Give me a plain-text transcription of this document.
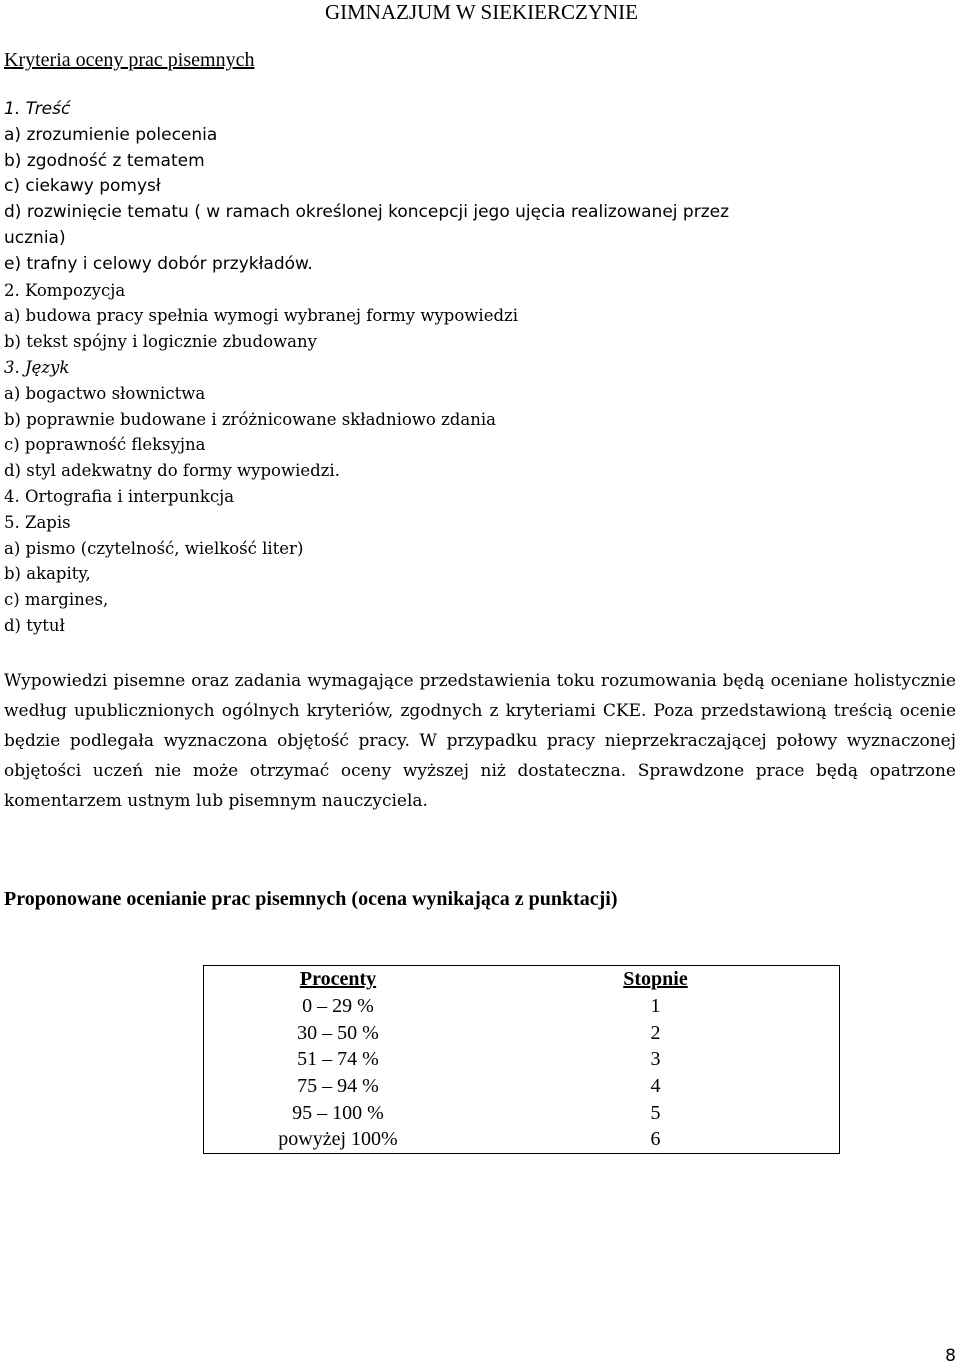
GIMNAZJUM W SIEKIERCZYNIE
Kryteria oceny prac pisemnych
1. Treść
a) zrozumienie polecenia
b) zgodność z tematem
c) ciekawy pomysł
d) rozwinięcie tematu ( w ramach określonej koncepcji jego ujęcia realizowanej przez
ucznia)
e) trafny i celowy dobór przykładów.
2. Kompozycja
a) budowa pracy spełnia wymogi wybranej formy wypowiedzi
b) tekst spójny i logicznie zbudowany
3. Język
a) bogactwo słownictwa
b) poprawnie budowane i zróżnicowane składniowo zdania
c) poprawność fleksyjna
d) styl adekwatny do formy wypowiedzi.
4. Ortografia i interpunkcja
5. Zapis
a) pismo (czytelność, wielkość liter)
b) akapity,
c) margines,
d) tytuł

Wypowiedzi pisemne oraz zadania wymagające przedstawienia toku rozumowania będą oceniane holistycznie według upublicznionych ogólnych kryteriów, zgodnych z kryteriami CKE. Poza przedstawioną treścią ocenie będzie podlegała wyznaczona objętość pracy. W przypadku pracy nieprzekraczającej połowy wyznaczonej objętości uczeń nie może otrzymać oceny wyższej niż dostateczna. Sprawdzone prace będą opatrzone komentarzem ustnym lub pisemnym nauczyciela.

Proponowane ocenianie prac pisemnych (ocena wynikająca z punktacji)
Procenty	Stopnie
0 – 29 %	1
30 – 50 %	2
51 – 74 %	3
75 – 94 %	4
95 – 100 %	5
powyżej 100%	6
8
